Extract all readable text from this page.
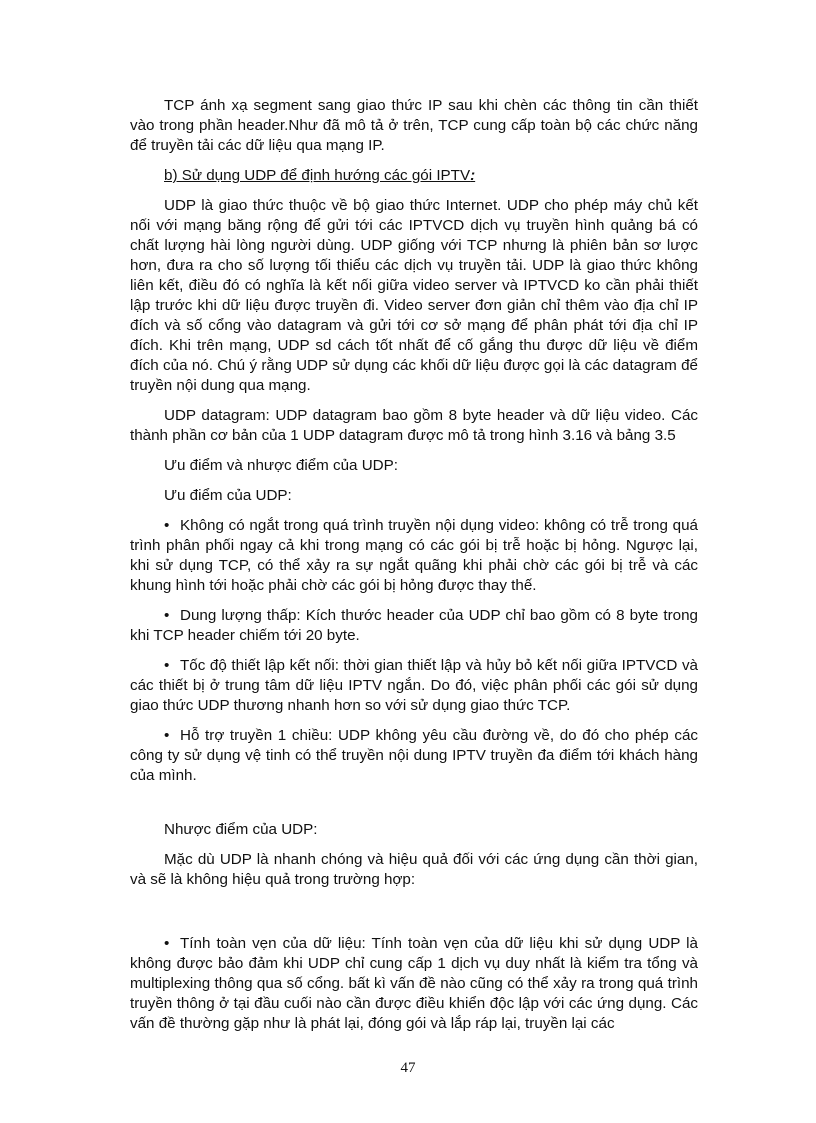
TCP ánh xạ segment sang giao thức IP sau khi chèn các thông tin cần thiết vào trong phần header.Như đã mô tả ở trên, TCP cung cấp toàn bộ các chức năng để truyền tải các dữ liệu qua mạng IP.

b) Sử dụng UDP để định hướng các gói IPTV:

UDP là giao thức thuộc về bộ giao thức Internet. UDP cho phép máy chủ kết nối với mạng băng rộng để gửi tới các IPTVCD dịch vụ truyền hình quảng bá có chất lượng hài lòng người dùng. UDP giống với TCP nhưng là phiên bản sơ lược hơn, đưa ra cho số lượng tối thiểu các dịch vụ truyền tải. UDP là giao thức không liên kết, điều đó có nghĩa là kết nối giữa video server và IPTVCD ko cần phải thiết lập trước khi dữ liệu được truyền đi. Video server đơn giản chỉ thêm vào địa chỉ IP đích và số cổng vào datagram và gửi tới cơ sở mạng để phân phát tới địa chỉ IP đích. Khi trên mạng, UDP sd cách tốt nhất để cố gắng thu được dữ liệu về điểm đích của nó. Chú ý rằng UDP sử dụng các khối dữ liệu được gọi là các datagram để truyền nội dung qua mạng.

UDP datagram: UDP datagram bao gồm 8 byte header và dữ liệu video. Các thành phần cơ bản của 1 UDP datagram được mô tả trong hình 3.16 và bảng 3.5

Ưu điểm và nhược điểm của UDP:

Ưu điểm của UDP:

• Không có ngắt trong quá trình truyền nội dụng video: không có trễ trong quá trình phân phối ngay cả khi trong mạng có các gói bị trễ hoặc bị hỏng. Ngược lại, khi sử dụng TCP, có thể xảy ra sự ngắt quãng khi phải chờ các gói bị trễ và các khung hình tới hoặc phải chờ các gói bị hỏng được thay thế.

• Dung lượng thấp: Kích thước header của UDP chỉ bao gồm có 8 byte trong khi TCP header chiếm tới 20 byte.

• Tốc độ thiết lập kết nối: thời gian thiết lập và hủy bỏ kết nối giữa IPTVCD và các thiết bị ở trung tâm dữ liệu IPTV ngắn. Do đó, việc phân phối các gói sử dụng giao thức UDP thương nhanh hơn so với sử dụng giao thức TCP.

• Hỗ trợ truyền 1 chiều: UDP không yêu cầu đường về, do đó cho phép các công ty sử dụng vệ tinh có thể truyền nội dung IPTV truyền đa điểm tới khách hàng của mình.

Nhược điểm của UDP:

Mặc dù UDP là nhanh chóng và hiệu quả đối với các ứng dụng cần thời gian, và sẽ là không hiệu quả trong trường hợp:

• Tính toàn vẹn của dữ liệu: Tính toàn vẹn của dữ liệu khi sử dụng UDP là không được bảo đảm khi UDP chỉ cung cấp 1 dịch vụ duy nhất là kiểm tra tổng và multiplexing thông qua số cổng. bất kì vấn đề nào cũng có thể xảy ra trong quá trình truyền thông ở tại đầu cuối nào cần được điều khiển độc lập với các ứng dụng. Các vấn đề thường gặp như là phát lại, đóng gói và lắp ráp lại, truyền lại các

47
